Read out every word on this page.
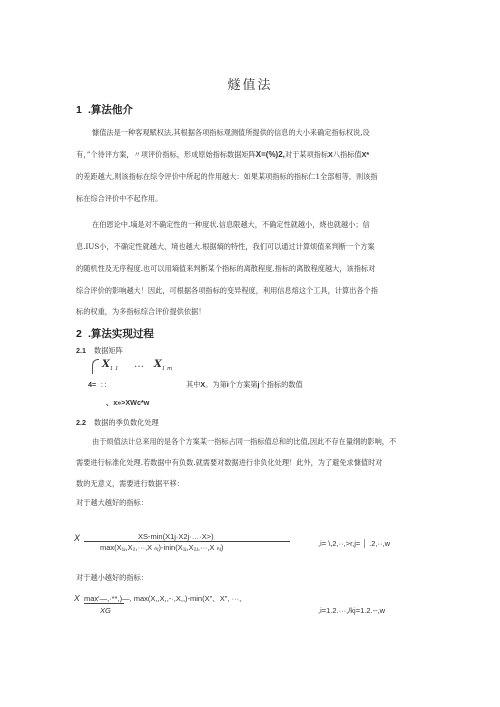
燧值法
1 .算法他介
慷值法是一种客观赋权法,其根据各项指标观测值所提供的信息的大小来确定指标权说,设
有，”个待评方案，〃项评价指标，形成原始指标数据矩阵X=(%)2,对于某项指标X八指标值X*
的差距越大,则该指标在综令评价中所起的作用越大：如果某项指标的指标仁1全部相等，则该指
标在综合评价中不起作用。
在伯恩论中.墒是对不确定性的一种度状.信息限越大，不确定性就越小，烧也就越小；信
息.IUS小，不确定性就越大，境也越大.根据熵的特性，我们可以通过计算烦值来判断一个方案
的随机性及无序程度.也可以用墒值来判断某个指标的离散程度,指标的离散程度越大，该指标对
综合评价的影响越大！因此，可根据各项指标的变异程度，利用信息熔这个工具，计算出各个指
标的权重，为多指标综合评价提供依据！
2 .算法实现过程
2.1 数据矩阵
$X_{1 1}$ … $X_{1 m}$
4= ：：	其中X。为第i个方案第j个指标的数值
、x»>XWc*w
2.2 数据的季负数化处理
由于烦值法计总来用的是各个方案某一指标占同一指标值总和的比值,因此不存在量纲的影响，不
需要进行标准化处理.若数据中有负数.就需要对数据进行非负化处理！此外，为了避免求慷值时对
数的无意义，需要进行数据平移：
对于越大越好的指标：
X	XS-min(X1j·X2j·…·X>)
max(X₁ⱼ,X₂,···,X ₙⱼ)-inin(X₁ⱼ,X₂ⱼ,···,X ₙⱼ)	,i= \,2,··,>r,j= │ .2,··,w
对于越小越好的指标：
X max'—,·**,)—, max(X,,X,,-·,X,,)-min(X"、X", ···、
XG	,i=1.2.···,/kj=1.2.--,w
